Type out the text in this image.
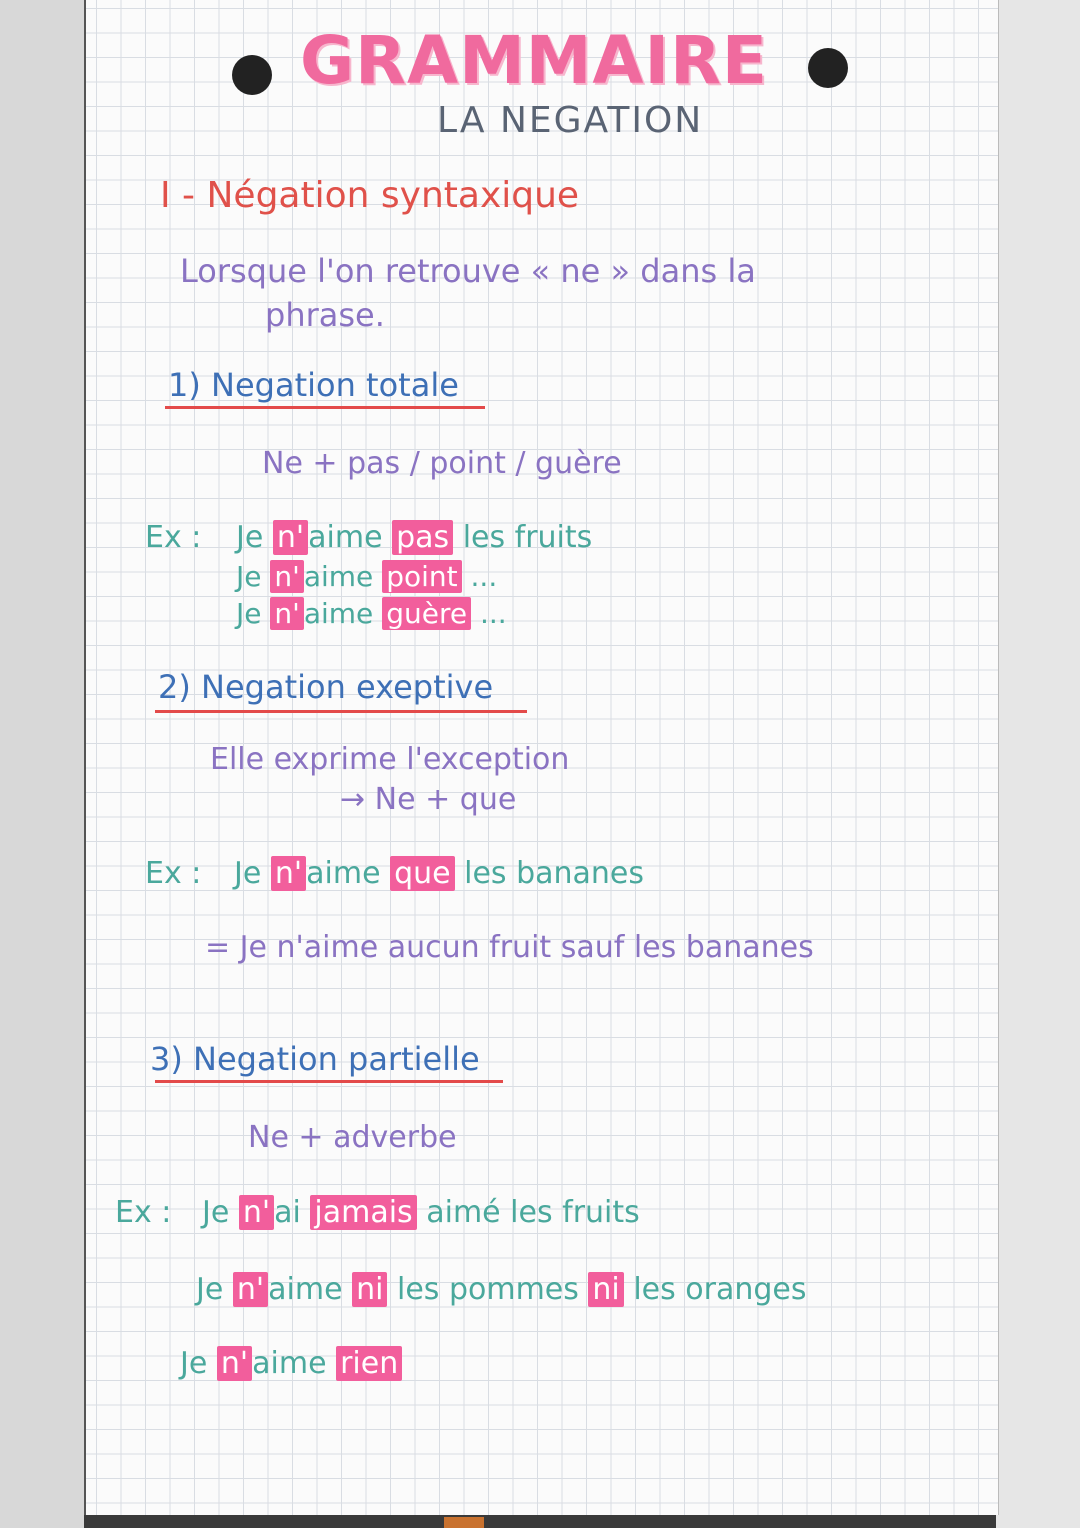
GRAMMAIRE
LA NEGATION
I - Négation syntaxique
Lorsque l'on retrouve « ne » dans la
phrase.
1) Negation totale
Ne + pas / point / guère
Ex : Je n' aime pas les fruits
Je n' aime point ...
Je n' aime guère ...
2) Negation exeptive
Elle exprime l'exception
→ Ne + que
Ex : Je n' aime que les bananes
= Je n'aime aucun fruit sauf les bananes
3) Negation partielle
Ne + adverbe
Ex : Je n' ai jamais aimé les fruits
Je n' aime ni les pommes ni les oranges
Je n' aime rien
